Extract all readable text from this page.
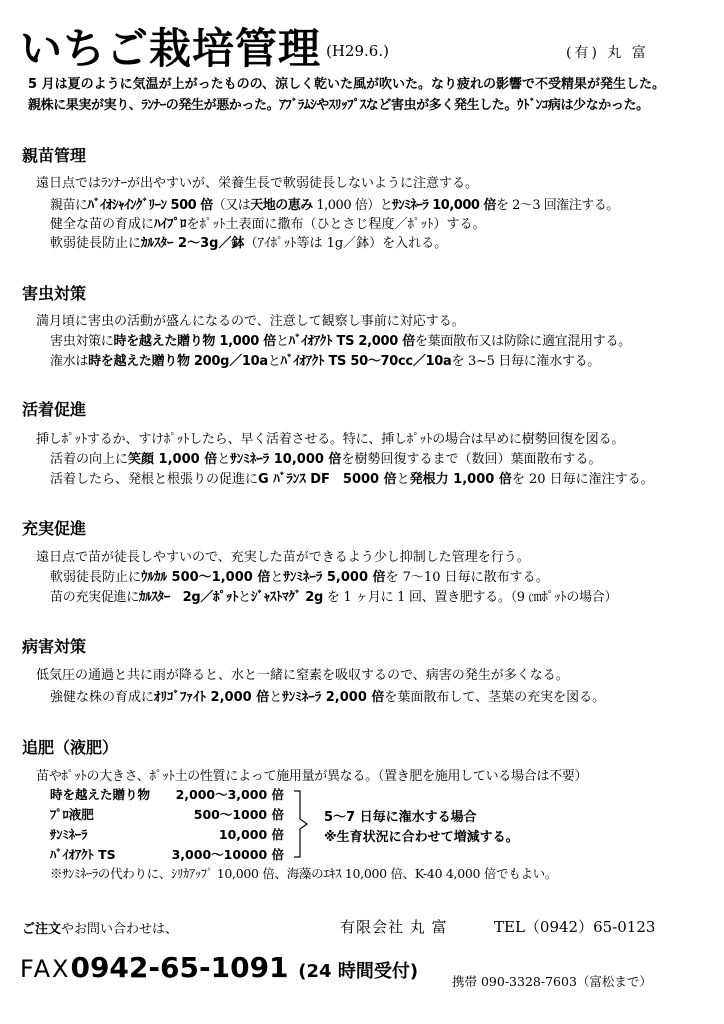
いちご栽培管理 (H29.6.)	(有) 丸 富
5 月は夏のように気温が上がったものの、涼しく乾いた風が吹いた。なり疲れの影響で不受精果が発生した。
親株に果実が実り、ﾗﾝﾅｰの発生が悪かった。ｱﾌﾞﾗﾑｼやｽﾘｯﾌﾟｽなど害虫が多く発生した。ｳﾄﾞﾝｺ病は少なかった。
親苗管理
害虫対策
活着促進
充実促進
病害対策
追肥（液肥）
遠日点ではﾗﾝﾅｰが出やすいが、栄養生長で軟弱徒長しないように注意する。
親苗にﾊﾞｲｵｼｬｲﾝｸﾞﾘｰﾝ 500 倍（又は天地の恵み 1,000 倍）とｻﾝﾐﾈｰﾗ 10,000 倍を 2～3 回潅注する。
健全な苗の育成にﾊｲﾌﾟﾛをﾎﾟｯﾄ土表面に撒布（ひとさじ程度／ﾎﾟｯﾄ）する。
軟弱徒長防止にｶﾙｽﾀｰ 2～3g／鉢（ｱｲﾎﾟｯﾄ等は 1g／鉢）を入れる。
満月頃に害虫の活動が盛んになるので、注意して観察し事前に対応する。
害虫対策に時を越えた贈り物 1,000 倍とﾊﾞｲｵｱｸﾄ TS 2,000 倍を葉面散布又は防除に適宜混用する。
潅水は時を越えた贈り物 200g／10aとﾊﾞｲｵｱｸﾄ TS 50～70cc／10aを 3~5 日毎に潅水する。
挿しﾎﾟｯﾄするか、すけﾎﾟｯﾄしたら、早く活着させる。特に、挿しﾎﾟｯﾄの場合は早めに樹勢回復を図る。
活着の向上に笑顔 1,000 倍とｻﾝﾐﾈｰﾗ 10,000 倍を樹勢回復するまで（数回）葉面散布する。
活着したら、発根と根張りの促進にG ﾊﾞﾗﾝｽ DF　5000 倍と発根力 1,000 倍を 20 日毎に潅注する。
遠日点で苗が徒長しやすいので、充実した苗ができるよう少し抑制した管理を行う。
軟弱徒長防止にｳﾙｶﾙ 500～1,000 倍とｻﾝﾐﾈｰﾗ 5,000 倍を 7～10 日毎に散布する。
苗の充実促進にｶﾙｽﾀｰ　2g／ﾎﾟｯﾄとｼﾞｬｽﾄﾏｸﾞ 2g を 1 ヶ月に 1 回、置き肥する。（9 ㎝ﾎﾟｯﾄの場合）
低気圧の通過と共に雨が降ると、水と一緒に窒素を吸収するので、病害の発生が多くなる。
強健な株の育成にｵﾘｺﾞﾌｧｲﾄ 2,000 倍とｻﾝﾐﾈｰﾗ 2,000 倍を葉面散布して、茎葉の充実を図る。
苗やﾎﾟｯﾄの大きさ、ﾎﾟｯﾄ土の性質によって施用量が異なる。（置き肥を施用している場合は不要）
時を越えた贈り物 2,000～3,000 倍
ﾌﾟﾛ液肥	500～1000 倍
ｻﾝﾐﾈｰﾗ	10,000 倍
ﾊﾞｲｵｱｸﾄ TS	3,000～10000 倍
5～7 日毎に潅水する場合
※生育状況に合わせて増減する。
※ｻﾝﾐﾈｰﾗの代わりに、ｼﾘｶｱｯﾌﾟ 10,000 倍、海藻のｴｷｽ 10,000 倍、K-40 4,000 倍でもよい。
ご注文やお問い合わせは、	有限会社 丸 富	TEL（0942）65-0123
FAX0942-65-1091 (24 時間受付)	携帯 090-3328-7603（富松まで）
